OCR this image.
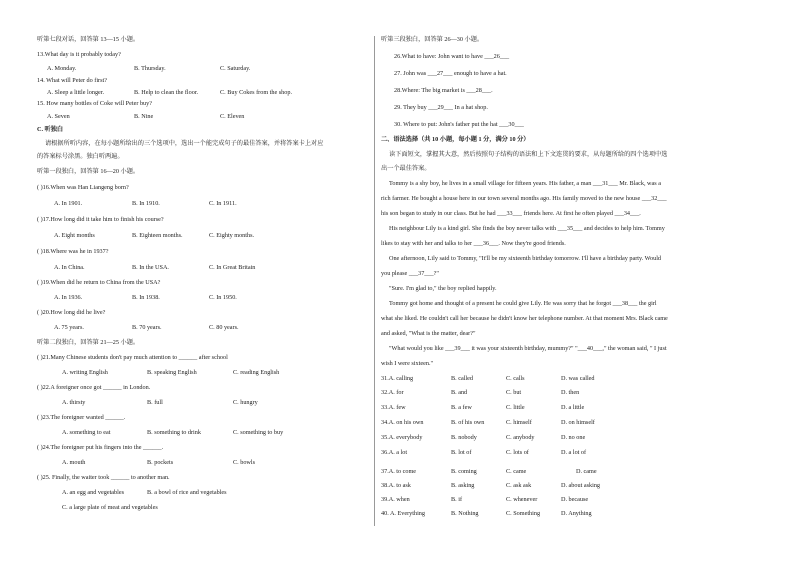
听第七段对话，回答第 13—15 小题。
13.What day is it probably today?
A. Monday.	B. Thursday.	C. Saturday.
14. What will Peter do first?
A. Sleep a little longer.	B. Help to clean the floor.	C. Buy Cokes from the shop.
15. How many bottles of Coke will Peter buy?
A. Seven	B. Nine	C. Eleven
C. 听独白
请根据所听内容，在每小题所给出的三个选项中，选出一个能完成句子的最佳答案，并将答案卡上对应
的答案标号涂黑。独白听两遍。
听第一段独白，回答第 16—20 小题。
( )16.When was Han Liangeng born?
A. In 1901.	B. In 1910.	C. In 1911.
( )17.How long did it take him to finish his course?
A. Eight months	B. Eighteen months.	C. Eighty months.
( )18.Where was he in 1937?
A. In China.	B. In the USA.	C. In Great Britain
( )19.When did he return to China from the USA?
A. In 1936.	B. In 1938.	C. In 1950.
( )20.How long did he live?
A. 75 years.	B. 70 years.	C. 80 years.
听第二段独白，回答第 21—25 小题。
( )21.Many Chinese students don't pay much attention to ______ after school
A. writing English	B. speaking English	C. reading English
( )22.A foreigner once got ______ in London.
A. thirsty	B. full	C. hungry
( )23.The foreigner wanted ______.
A. something to eat	B. something to drink	C. something to buy
( )24.The foreigner put his fingers into the ______.
A. mouth	B. pockets	C. bowls
( )25. Finally, the waiter took ______ to another man.
A. an egg and vegetables	B. a bowl of rice and vegetables
C. a large plate of meat and vegetables
听第三段独白，回答第 26—30 小题。
26.What to have: John want to have ___26___
27. John was ___27___ enough to have a hat.
28.Where: The big market is ___28___.
29. They buy ___29___ In a hat shop.
30. Where to put: John's father put the hat ___30___
二、语法选择（共 10 小题，每小题 1 分，满分 10 分）
读下面短文，掌握其大意，然后按照句子结构的语法和上下文连贯的要求，从每题所给的四个选项中选
出一个最佳答案。
Tommy is a shy boy, he lives in a small village for fifteen years. His father, a man ___31___ Mr. Black, was a
rich farmer. He bought a house here in our town several months ago. His family moved to the new house ___32___
his son began to study in our class. But he had ___33___ friends here. At first he often played ___34___.
His neighbour Lily is a kind girl. She finds the boy never talks with ___35___ and decides to help him. Tommy
likes to stay with her and talks to her ___36___. Now they're good friends.
One afternoon, Lily said to Tommy, "It'll be my sixteenth birthday tomorrow. I'll have a birthday party. Would
you please ___37___?"
"Sure. I'm glad to," the boy replied happily.
Tommy got home and thought of a present he could give Lily. He was sorry that he forgot ___38___ the girl
what she liked. He couldn't call her because he didn't know her telephone number. At that moment Mrs. Black came
and asked, "What is the matter, dear?"
"What would you like ___39___ it was your sixteenth birthday, mummy?" "___40___," the woman said, " I just
wish I were sixteen."
31.A. calling	B. called	C. calls	D. was called
32.A. for	B. and	C. but	D. then
33.A. few	B. a few	C. little	D. a little
34.A. on his own	B. of his own	C. himself	D. on himself
35.A. everybody	B. nobody	C. anybody	D. no one
36.A. a lot	B. lot of	C. lots of	D. a lot of
37.A. to come	B. coming	C. came	D. came
38.A. to ask	B. asking	C. ask ask	D. about asking
39.A. when	B. if	C. whenever	D. because
40. A. Everything	B. Nothing	C. Something	D. Anything
